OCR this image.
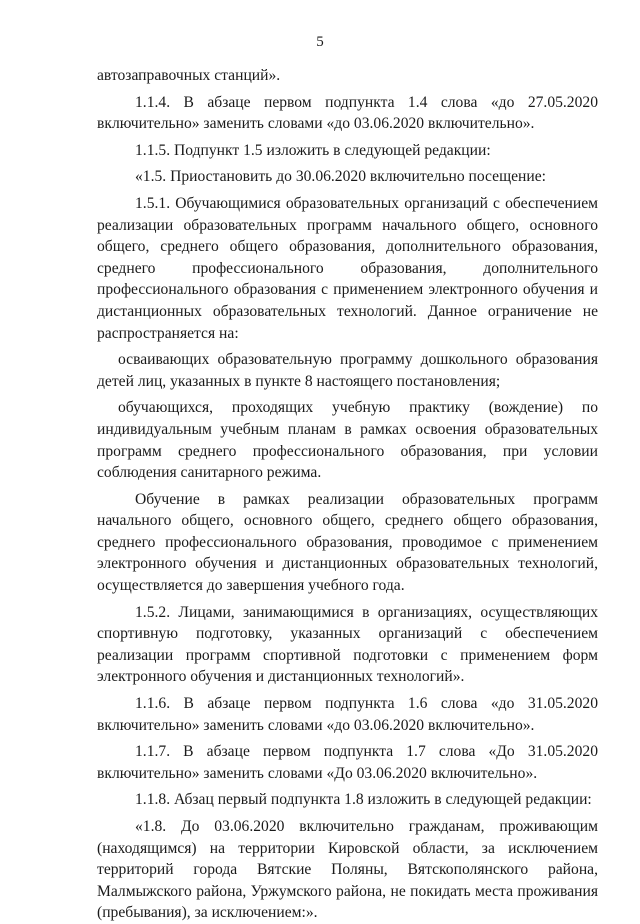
5

автозаправочных станций».

1.1.4. В абзаце первом подпункта 1.4 слова «до 27.05.2020 включительно» заменить словами «до 03.06.2020 включительно».

1.1.5. Подпункт 1.5 изложить в следующей редакции:

«1.5. Приостановить до 30.06.2020 включительно посещение:

1.5.1. Обучающимися образовательных организаций с обеспечением реализации образовательных программ начального общего, основного общего, среднего общего образования, дополнительного образования, среднего профессионального образования, дополнительного профессионального образования с применением электронного обучения и дистанционных образовательных технологий. Данное ограничение не распространяется на:

осваивающих образовательную программу дошкольного образования детей лиц, указанных в пункте 8 настоящего постановления;

обучающихся, проходящих учебную практику (вождение) по индивидуальным учебным планам в рамках освоения образовательных программ среднего профессионального образования, при условии соблюдения санитарного режима.

Обучение в рамках реализации образовательных программ начального общего, основного общего, среднего общего образования, среднего профессионального образования, проводимое с применением электронного обучения и дистанционных образовательных технологий, осуществляется до завершения учебного года.

1.5.2. Лицами, занимающимися в организациях, осуществляющих спортивную подготовку, указанных организаций с обеспечением реализации программ спортивной подготовки с применением форм электронного обучения и дистанционных технологий».

1.1.6. В абзаце первом подпункта 1.6 слова «до 31.05.2020 включительно» заменить словами «до 03.06.2020 включительно».

1.1.7. В абзаце первом подпункта 1.7 слова «До 31.05.2020 включительно» заменить словами «До 03.06.2020 включительно».

1.1.8. Абзац первый подпункта 1.8 изложить в следующей редакции:

«1.8. До 03.06.2020 включительно гражданам, проживающим (находящимся) на территории Кировской области, за исключением территорий города Вятские Поляны, Вятскополянского района, Малмыжского района, Уржумского района, не покидать места проживания (пребывания), за исключением:».
